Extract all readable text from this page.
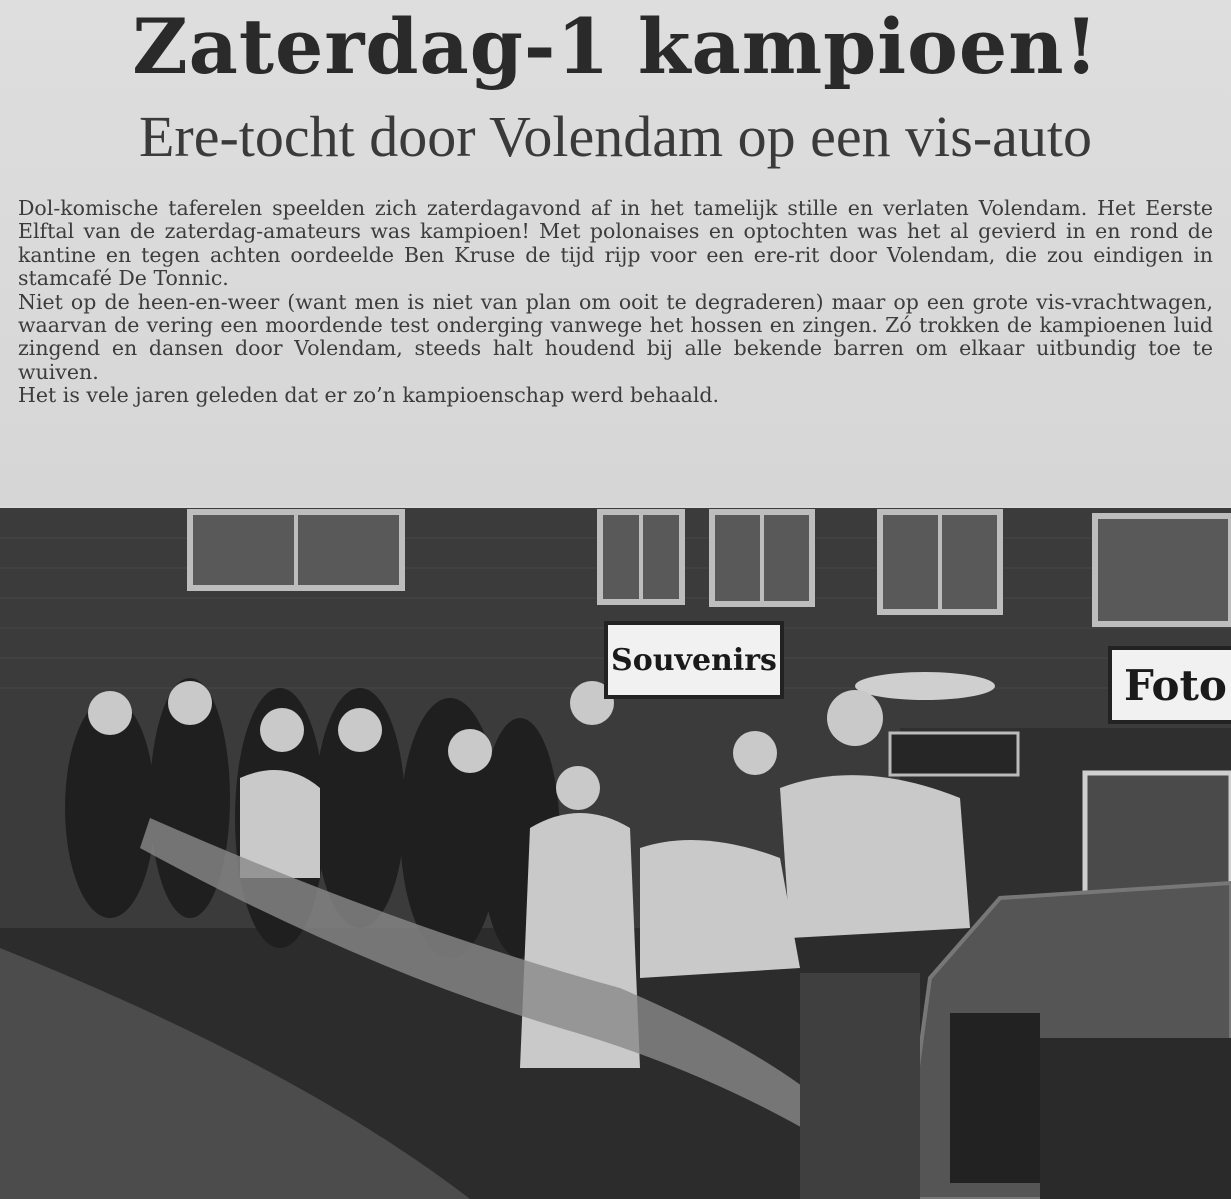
Zaterdag-1 kampioen!
Ere-tocht door Volendam op een vis-auto

Dol-komische taferelen speelden zich zaterdagavond af in het tamelijk stille en verlaten Volendam. Het Eerste Elftal van de zaterdag-amateurs was kampioen! Met polonaises en optochten was het al gevierd in en rond de kantine en tegen achten oordeelde Ben Kruse de tijd rijp voor een ere-rit door Volendam, die zou eindigen in stamcafé De Tonnic.

Niet op de heen-en-weer (want men is niet van plan om ooit te degraderen) maar op een grote vis-vrachtwagen, waarvan de vering een moordende test onderging vanwege het hossen en zingen. Zó trokken de kampioenen luid zingend en dansen door Volendam, steeds halt houdend bij alle bekende barren om elkaar uitbundig toe te wuiven.

Het is vele jaren geleden dat er zo’n kampioenschap werd behaald.

Souvenirs
Foto
